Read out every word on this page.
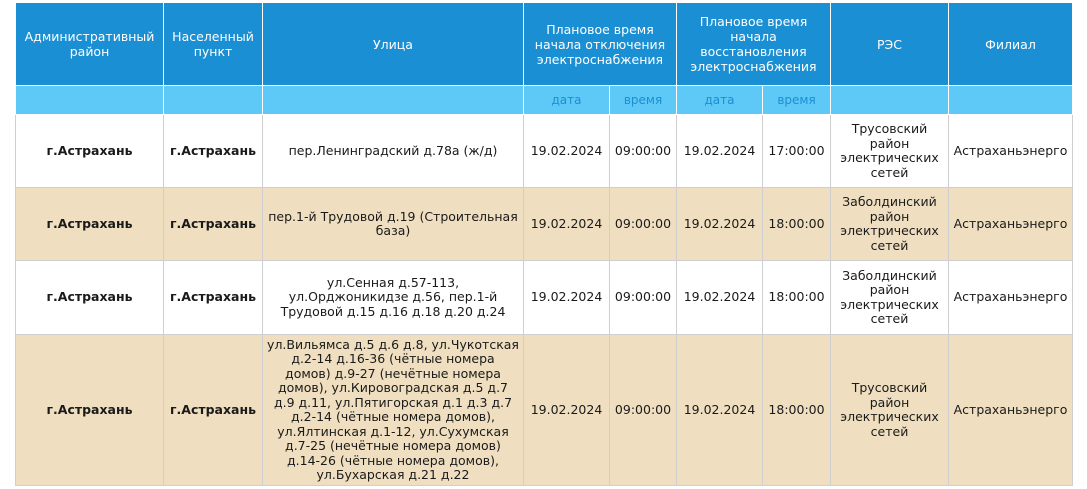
Административный район	Населенный пункт	Улица	Плановое время начала отключения электроснабжения		Плановое время начала восстановления электроснабжения		РЭС	Филиал
			дата	время	дата	время		
г.Астрахань	г.Астрахань	пер.Ленинградский д.78а (ж/д)	19.02.2024	09:00:00	19.02.2024	17:00:00	Трусовский район электрических сетей	Астраханьэнерго
г.Астрахань	г.Астрахань	пер.1-й Трудовой д.19 (Строительная база)	19.02.2024	09:00:00	19.02.2024	18:00:00	Заболдинский район электрических сетей	Астраханьэнерго
г.Астрахань	г.Астрахань	ул.Сенная д.57-113, ул.Орджоникидзе д.56, пер.1-й Трудовой д.15 д.16 д.18 д.20 д.24	19.02.2024	09:00:00	19.02.2024	18:00:00	Заболдинский район электрических сетей	Астраханьэнерго
г.Астрахань	г.Астрахань	ул.Вильямса д.5 д.6 д.8, ул.Чукотская д.2-14 д.16-36 (чётные номера домов) д.9-27 (нечётные номера домов), ул.Кировоградская д.5 д.7 д.9 д.11, ул.Пятигорская д.1 д.3 д.7 д.2-14 (чётные номера домов), ул.Ялтинская д.1-12, ул.Сухумская д.7-25 (нечётные номера домов) д.14-26 (чётные номера домов), ул.Бухарская д.21 д.22	19.02.2024	09:00:00	19.02.2024	18:00:00	Трусовский район электрических сетей	Астраханьэнерго
